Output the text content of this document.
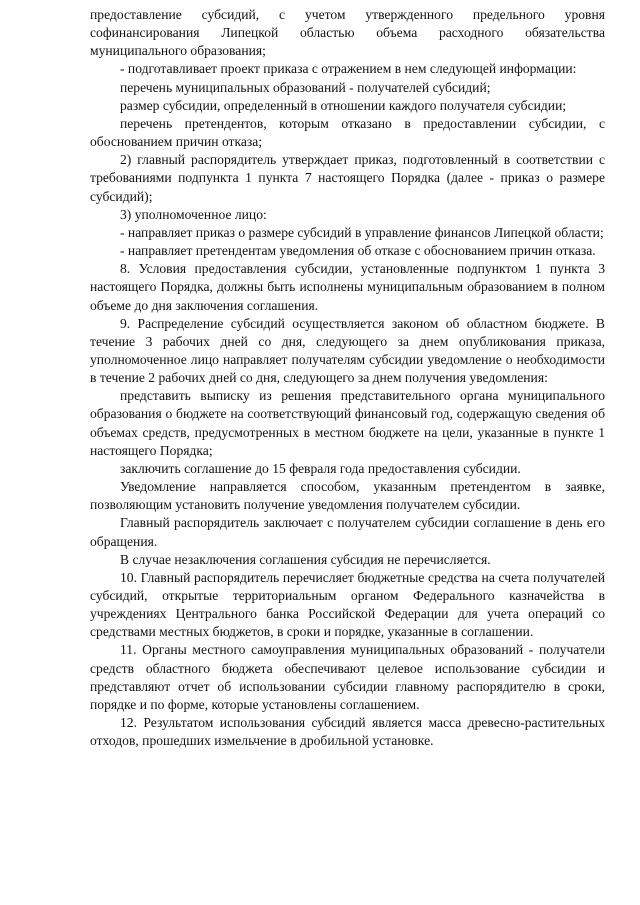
предоставление субсидий, с учетом утвержденного предельного уровня софинансирования Липецкой областью объема расходного обязательства муниципального образования;

- подготавливает проект приказа с отражением в нем следующей информации:

перечень муниципальных образований - получателей субсидий;

размер субсидии, определенный в отношении каждого получателя субсидии;

перечень претендентов, которым отказано в предоставлении субсидии, с обоснованием причин отказа;

2) главный распорядитель утверждает приказ, подготовленный в соответствии с требованиями подпункта 1 пункта 7 настоящего Порядка (далее - приказ о размере субсидий);

3) уполномоченное лицо:

- направляет приказ о размере субсидий в управление финансов Липецкой области;

- направляет претендентам уведомления об отказе с обоснованием причин отказа.

8. Условия предоставления субсидии, установленные подпунктом 1 пункта 3 настоящего Порядка, должны быть исполнены муниципальным образованием в полном объеме до дня заключения соглашения.

9. Распределение субсидий осуществляется законом об областном бюджете. В течение 3 рабочих дней со дня, следующего за днем опубликования приказа, уполномоченное лицо направляет получателям субсидии уведомление о необходимости в течение 2 рабочих дней со дня, следующего за днем получения уведомления:

представить выписку из решения представительного органа муниципального образования о бюджете на соответствующий финансовый год, содержащую сведения об объемах средств, предусмотренных в местном бюджете на цели, указанные в пункте 1 настоящего Порядка;

заключить соглашение до 15 февраля года предоставления субсидии.

Уведомление направляется способом, указанным претендентом в заявке, позволяющим установить получение уведомления получателем субсидии.

Главный распорядитель заключает с получателем субсидии соглашение в день его обращения.

В случае незаключения соглашения субсидия не перечисляется.

10. Главный распорядитель перечисляет бюджетные средства на счета получателей субсидий, открытые территориальным органом Федерального казначейства в учреждениях Центрального банка Российской Федерации для учета операций со средствами местных бюджетов, в сроки и порядке, указанные в соглашении.

11. Органы местного самоуправления муниципальных образований - получатели средств областного бюджета обеспечивают целевое использование субсидии и представляют отчет об использовании субсидии главному распорядителю в сроки, порядке и по форме, которые установлены соглашением.

12. Результатом использования субсидий является масса древесно-растительных отходов, прошедших измельчение в дробильной установке.
